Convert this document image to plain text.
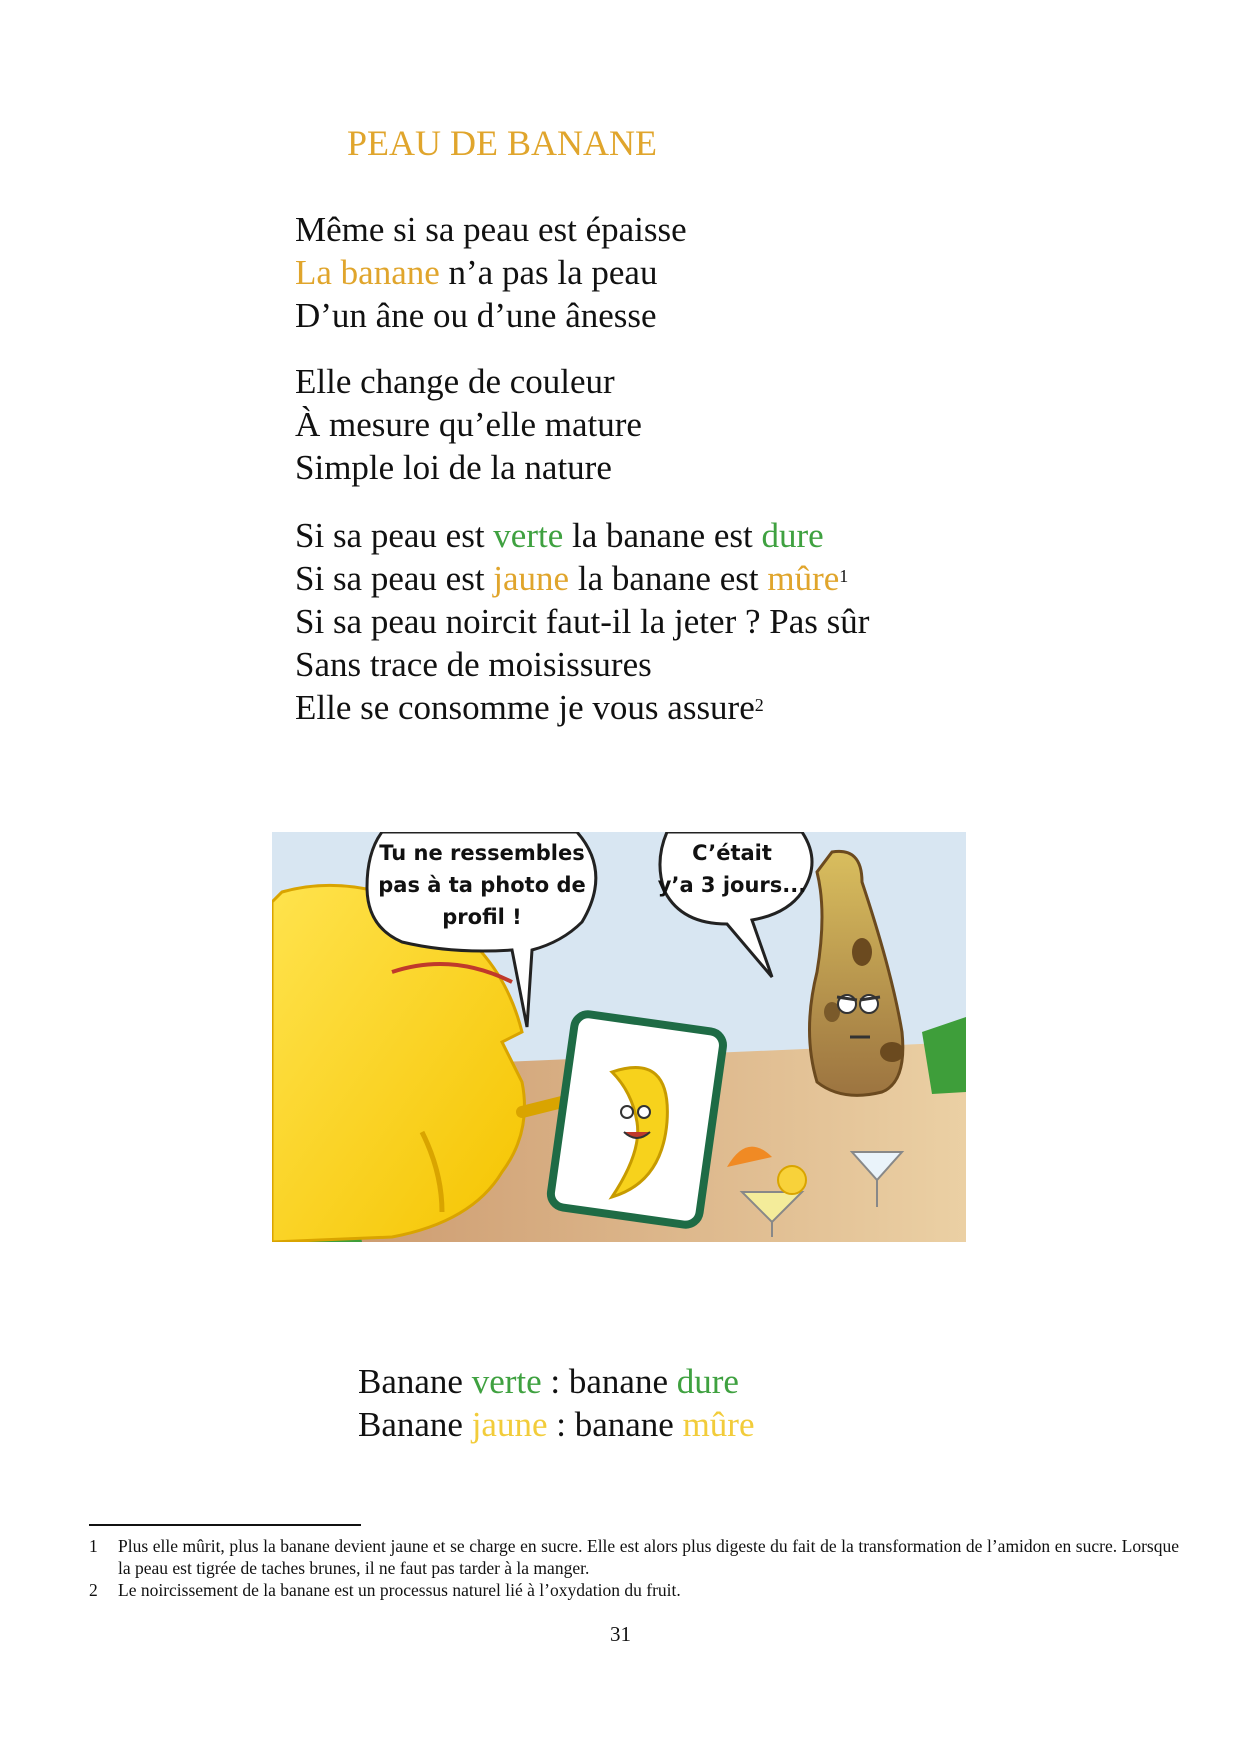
PEAU DE BANANE
Même si sa peau est épaisse
La banane n’a pas la peau
D’un âne ou d’une ânesse
Elle change de couleur
À mesure qu’elle mature
Simple loi de la nature
Si sa peau est verte la banane est dure
Si sa peau est jaune la banane est mûre$^1$
Si sa peau noircit faut-il la jeter ? Pas sûr
Sans trace de moisissures
Elle se consomme je vous assure$^2$
Tu ne ressembles
pas à ta photo de
profil !
C’était
y’a 3 jours...
Banane verte : banane dure
Banane jaune : banane mûre
1	Plus elle mûrit, plus la banane devient jaune et se charge en sucre. Elle est alors plus digeste du fait de la transformation de l’amidon en sucre. Lorsque la peau est tigrée de taches brunes, il ne faut pas tarder à la manger.
2	Le noircissement de la banane est un processus naturel lié à l’oxydation du fruit.
31
